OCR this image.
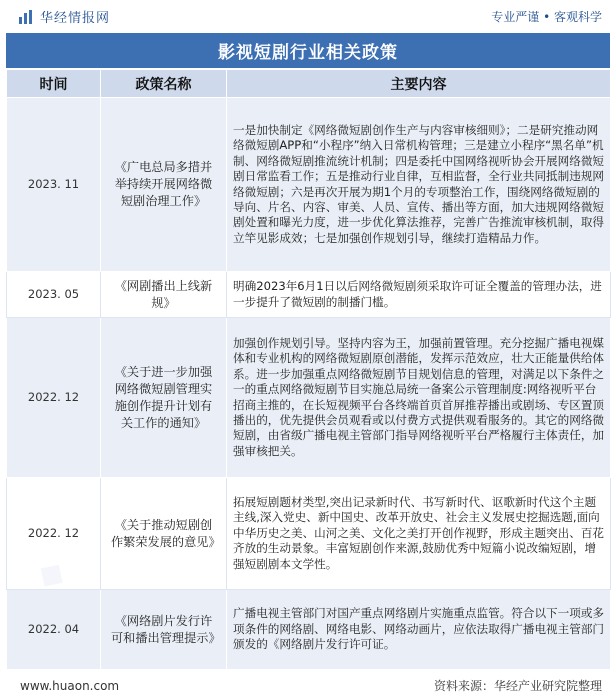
华经情报网	专业严谨 • 客观科学
影视短剧行业相关政策
时间	政策名称	主要内容
2023. 11	《广电总局多措并举持续开展网络微短剧治理工作》	一是加快制定《网络微短剧创作生产与内容审核细则》；二是研究推动网络微短剧APP和“小程序”纳入日常机构管理；三是建立小程序“黑名单”机制、网络微短剧推流统计机制；四是委托中国网络视听协会开展网络微短剧日常监看工作；五是推动行业自律，互相监督，全行业共同抵制违规网络微短剧；六是再次开展为期1个月的专项整治工作，围绕网络微短剧的导向、片名、内容、审美、人员、宣传、播出等方面，加大违规网络微短剧处置和曝光力度，进一步优化算法推荐，完善广告推流审核机制，取得立竿见影成效；七是加强创作规划引导，继续打造精品力作。
2023. 05	《网剧播出上线新规》	明确2023年6月1日以后网络微短剧须采取许可证全覆盖的管理办法，进一步提升了微短剧的制播门槛。
2022. 12	《关于进一步加强网络微短剧管理实施创作提升计划有关工作的通知》	加强创作规划引导。坚持内容为王，加强前置管理。充分挖掘广播电视媒体和专业机构的网络微短剧原创潜能，发挥示范效应，壮大正能量供给体系。进一步加强重点网络微短剧节目规划信息的管理，对满足以下条件之一的重点网络微短剧节目实施总局统一备案公示管理制度:网络视听平台招商主推的，在长短视频平台各终端首页首屏推荐播出或剧场、专区置顶播出的，优先提供会员观看或以付费方式提供观看服务的。其它的网络微短剧，由省级广播电视主管部门指导网络视听平台严格履行主体责任，加强审核把关。
2022. 12	《关于推动短剧创作繁荣发展的意见》	拓展短剧题材类型,突出记录新时代、书写新时代、讴歌新时代这个主题主线,深入党史、新中国史、改革开放史、社会主义发展史挖掘选题,面向中华历史之美、山河之美、文化之美打开创作视野，形成主题突出、百花齐放的生动景象。丰富短剧创作来源,鼓励优秀中短篇小说改编短剧，增强短剧剧本文学性。
2022. 04	《网络剧片发行许可和播出管理提示》	广播电视主管部门对国产重点网络剧片实施重点监管。符合以下一项或多项条件的网络剧、网络电影、网络动画片，应依法取得广播电视主管部门颁发的《网络剧片发行许可证。
www.huaon.com	资料来源：华经产业研究院整理
